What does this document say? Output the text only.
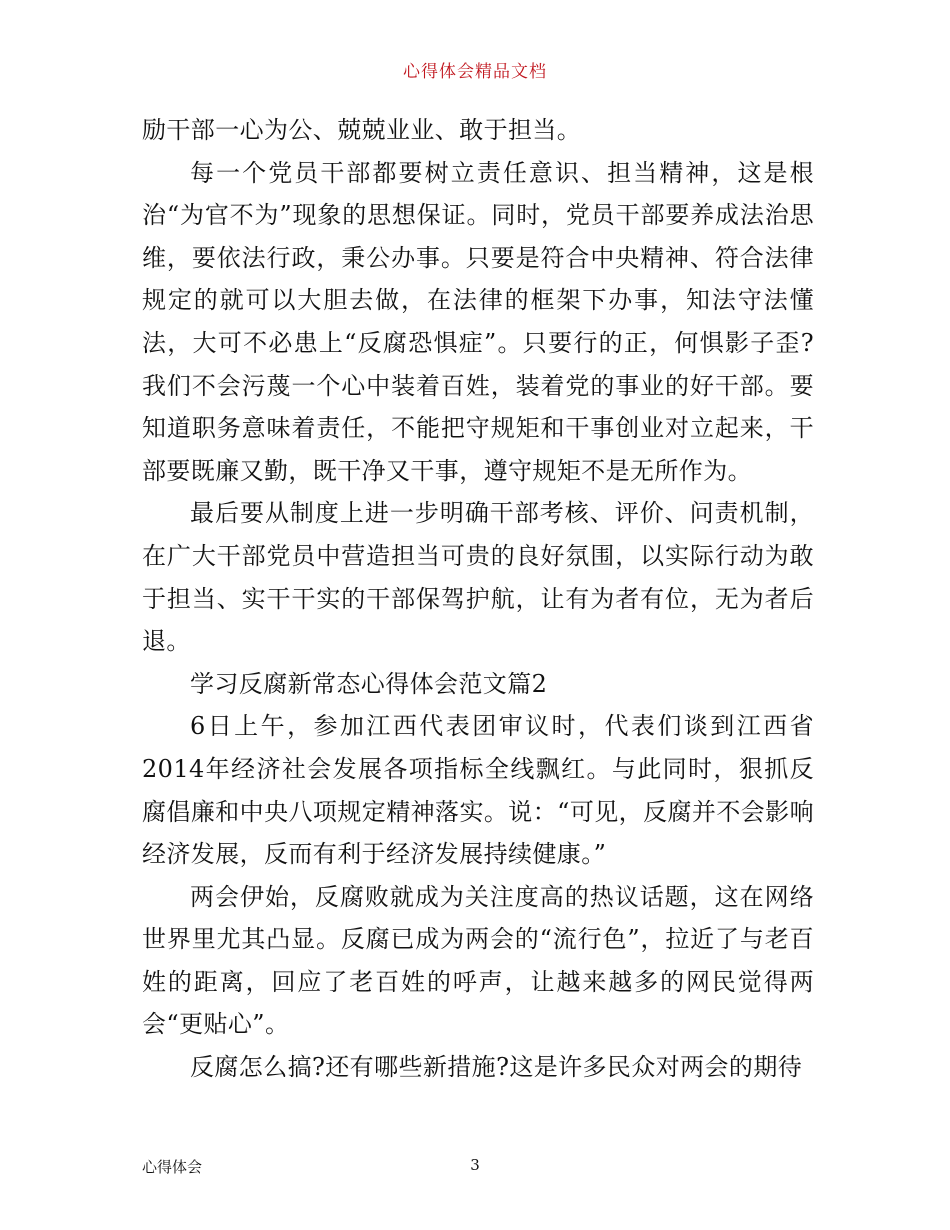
心得体会精品文档

励干部一心为公、兢兢业业、敢于担当。

每一个党员干部都要树立责任意识、担当精神，这是根治“为官不为”现象的思想保证。同时，党员干部要养成法治思维，要依法行政，秉公办事。只要是符合中央精神、符合法律规定的就可以大胆去做，在法律的框架下办事，知法守法懂法，大可不必患上“反腐恐惧症”。只要行的正，何惧影子歪?我们不会污蔑一个心中装着百姓，装着党的事业的好干部。要知道职务意味着责任，不能把守规矩和干事创业对立起来，干部要既廉又勤，既干净又干事，遵守规矩不是无所作为。

最后要从制度上进一步明确干部考核、评价、问责机制，在广大干部党员中营造担当可贵的良好氛围，以实际行动为敢于担当、实干干实的干部保驾护航，让有为者有位，无为者后退。

学习反腐新常态心得体会范文篇2

6日上午，参加江西代表团审议时，代表们谈到江西省2014年经济社会发展各项指标全线飘红。与此同时，狠抓反腐倡廉和中央八项规定精神落实。说：“可见，反腐并不会影响经济发展，反而有利于经济发展持续健康。”

两会伊始，反腐败就成为关注度高的热议话题，这在网络世界里尤其凸显。反腐已成为两会的“流行色”，拉近了与老百姓的距离，回应了老百姓的呼声，让越来越多的网民觉得两会“更贴心”。

反腐怎么搞?还有哪些新措施?这是许多民众对两会的期待

心得体会	3
